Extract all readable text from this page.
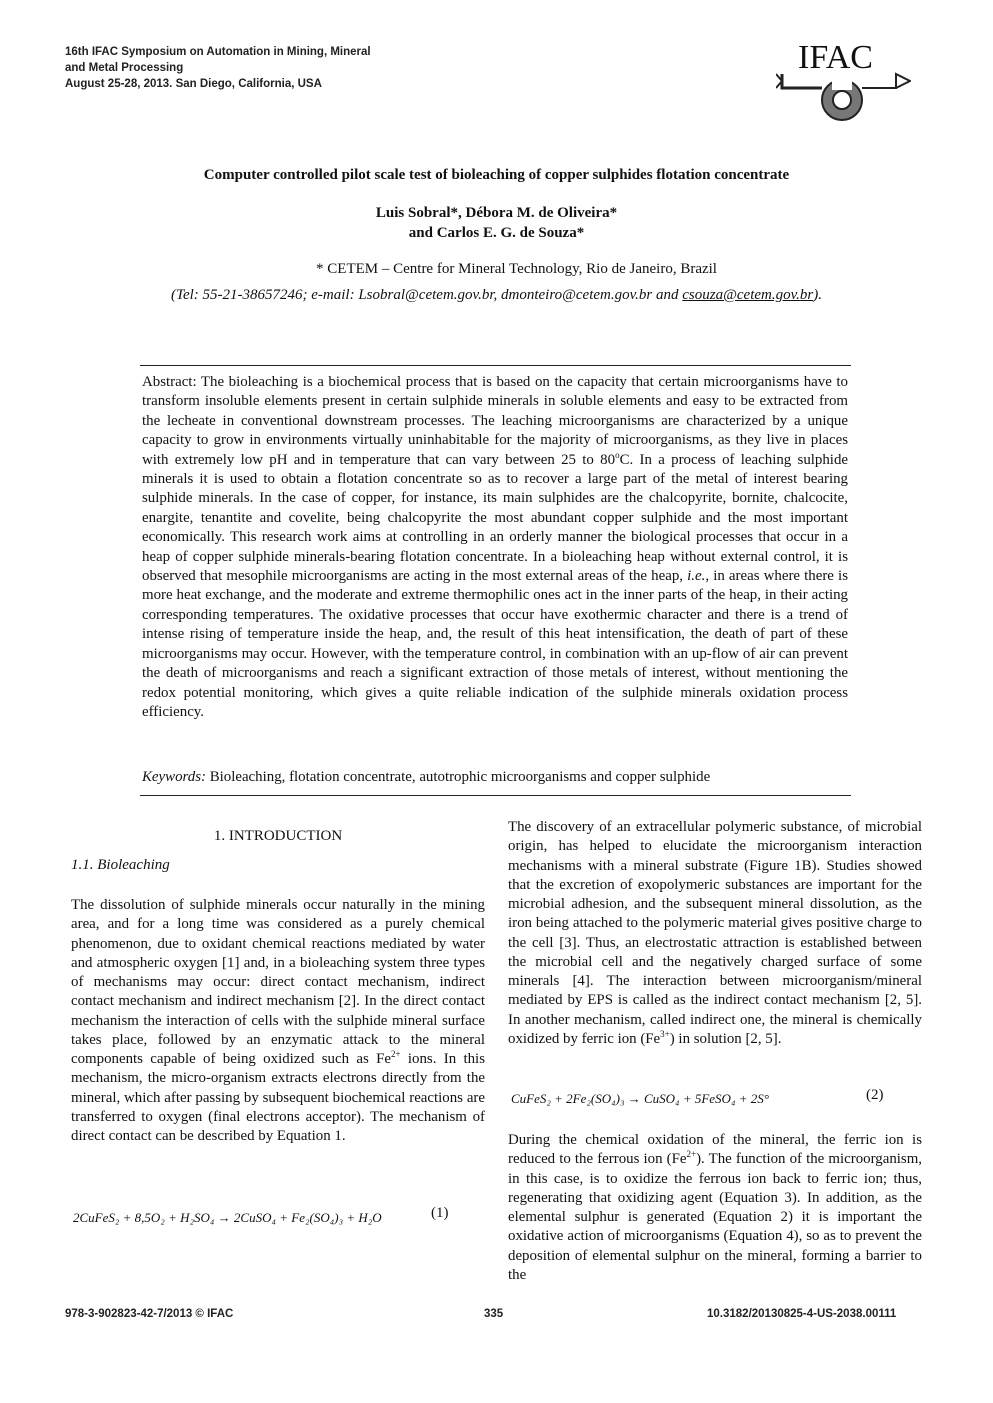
16th IFAC Symposium on Automation in Mining, Mineral
and Metal Processing
August 25-28, 2013. San Diego, California, USA
IFAC
Computer controlled pilot scale test of bioleaching of copper sulphides flotation concentrate
Luis Sobral*, Débora M. de Oliveira*
and Carlos E. G. de Souza*
* CETEM – Centre for Mineral Technology, Rio de Janeiro, Brazil
(Tel: 55-21-38657246; e-mail: Lsobral@cetem.gov.br, dmonteiro@cetem.gov.br and csouza@cetem.gov.br).
Abstract: The bioleaching is a biochemical process that is based on the capacity that certain microorganisms have to transform insoluble elements present in certain sulphide minerals in soluble elements and easy to be extracted from the lecheate in conventional downstream processes. The leaching microorganisms are characterized by a unique capacity to grow in environments virtually uninhabitable for the majority of microorganisms, as they live in places with extremely low pH and in temperature that can vary between 25 to 80$^o$C. In a process of leaching sulphide minerals it is used to obtain a flotation concentrate so as to recover a large part of the metal of interest bearing sulphide minerals. In the case of copper, for instance, its main sulphides are the chalcopyrite, bornite, chalcocite, enargite, tenantite and covelite, being chalcopyrite the most abundant copper sulphide and the most important economically. This research work aims at controlling in an orderly manner the biological processes that occur in a heap of copper sulphide minerals-bearing flotation concentrate. In a bioleaching heap without external control, it is observed that mesophile microorganisms are acting in the most external areas of the heap, i.e., in areas where there is more heat exchange, and the moderate and extreme thermophilic ones act in the inner parts of the heap, in their acting corresponding temperatures. The oxidative processes that occur have exothermic character and there is a trend of intense rising of temperature inside the heap, and, the result of this heat intensification, the death of part of these microorganisms may occur. However, with the temperature control, in combination with an up-flow of air can prevent the death of microorganisms and reach a significant extraction of those metals of interest, without mentioning the redox potential monitoring, which gives a quite reliable indication of the sulphide minerals oxidation process efficiency.
Keywords: Bioleaching, flotation concentrate, autotrophic microorganisms and copper sulphide
1. INTRODUCTION
1.1. Bioleaching
The dissolution of sulphide minerals occur naturally in the mining area, and for a long time was considered as a purely chemical phenomenon, due to oxidant chemical reactions mediated by water and atmospheric oxygen [1] and, in a bioleaching system three types of mechanisms may occur: direct contact mechanism, indirect contact mechanism and indirect mechanism [2]. In the direct contact mechanism the interaction of cells with the sulphide mineral surface takes place, followed by an enzymatic attack to the mineral components capable of being oxidized such as $Fe^{2+}$ ions. In this mechanism, the micro-organism extracts electrons directly from the mineral, which after passing by subsequent biochemical reactions are transferred to oxygen (final electrons acceptor). The mechanism of direct contact can be described by Equation 1.
2CuFeS₂ + 8,5O₂ + H₂SO₄ → 2CuSO₄ + Fe₂(SO₄)₃ + H₂O	(1)
The discovery of an extracellular polymeric substance, of microbial origin, has helped to elucidate the microorganism interaction mechanisms with a mineral substrate (Figure 1B). Studies showed that the excretion of exopolymeric substances are important for the microbial adhesion, and the subsequent mineral dissolution, as the iron being attached to the polymeric material gives positive charge to the cell [3]. Thus, an electrostatic attraction is established between the microbial cell and the negatively charged surface of some minerals [4]. The interaction between microorganism/mineral mediated by EPS is called as the indirect contact mechanism [2, 5]. In another mechanism, called indirect one, the mineral is chemically oxidized by ferric ion $(Fe^{3+})$ in solution [2, 5].
CuFeS₂ + 2Fe₂(SO₄)₃ → CuSO₄ + 5FeSO₄ + 2S°	(2)
During the chemical oxidation of the mineral, the ferric ion is reduced to the ferrous ion $(Fe^{2+})$. The function of the microorganism, in this case, is to oxidize the ferrous ion back to ferric ion; thus, regenerating that oxidizing agent (Equation 3). In addition, as the elemental sulphur is generated (Equation 2) it is important the oxidative action of microorganisms (Equation 4), so as to prevent the deposition of elemental sulphur on the mineral, forming a barrier to the
978-3-902823-42-7/2013 © IFAC	335	10.3182/20130825-4-US-2038.00111
